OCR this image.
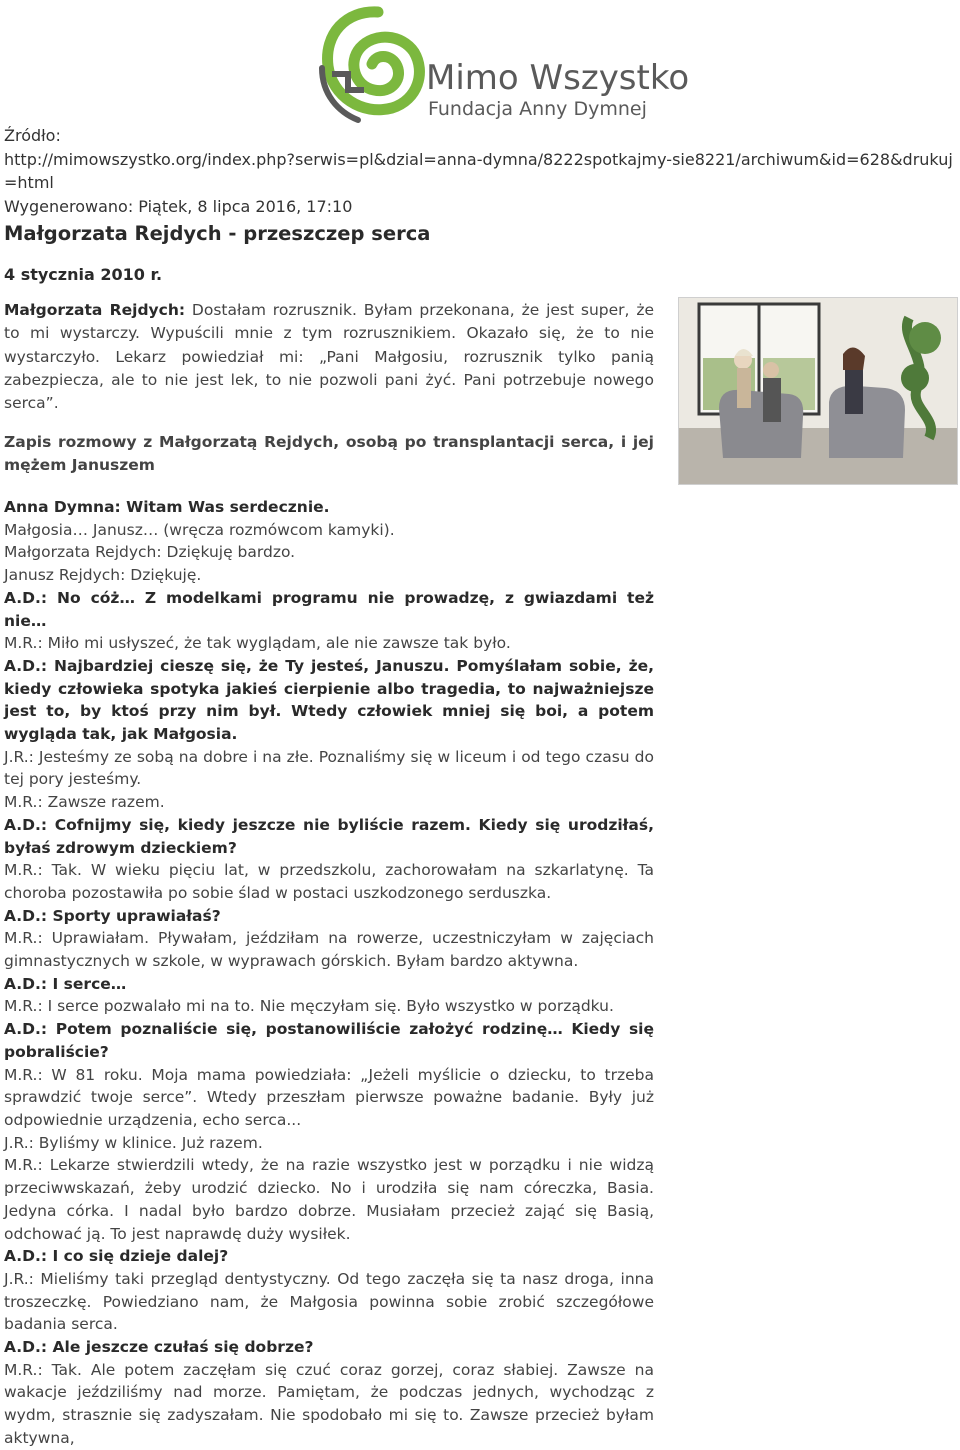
Mimo Wszystko
Fundacja Anny Dymnej
Źródło:
http://mimowszystko.org/index.php?serwis=pl&dzial=anna-dymna/8222spotkajmy-sie8221/archiwum&id=628&drukuj=html
Wygenerowano: Piątek, 8 lipca 2016, 17:10
Małgorzata Rejdych - przeszczep serca
4 stycznia 2010 r.
Małgorzata Rejdych: Dostałam rozrusznik. Byłam przekonana, że jest super, że to mi wystarczy. Wypuścili mnie z tym rozrusznikiem. Okazało się, że to nie wystarczyło. Lekarz powiedział mi: „Pani Małgosiu, rozrusznik tylko panią zabezpiecza, ale to nie jest lek, to nie pozwoli pani żyć. Pani potrzebuje nowego serca”.
Zapis rozmowy z Małgorzatą Rejdych, osobą po transplantacji serca, i jej mężem Januszem

Anna Dymna: Witam Was serdecznie.

Małgosia… Janusz… (wręcza rozmówcom kamyki).

Małgorzata Rejdych: Dziękuję bardzo.

Janusz Rejdych: Dziękuję.

A.D.: No cóż… Z modelkami programu nie prowadzę, z gwiazdami też nie…

M.R.: Miło mi usłyszeć, że tak wyglądam, ale nie zawsze tak było.

A.D.: Najbardziej cieszę się, że Ty jesteś, Januszu. Pomyślałam sobie, że, kiedy człowieka spotyka jakieś cierpienie albo tragedia, to najważniejsze jest to, by ktoś przy nim był. Wtedy człowiek mniej się boi, a potem wygląda tak, jak Małgosia.

J.R.: Jesteśmy ze sobą na dobre i na złe. Poznaliśmy się w liceum i od tego czasu do tej pory jesteśmy.

M.R.: Zawsze razem.

A.D.: Cofnijmy się, kiedy jeszcze nie byliście razem. Kiedy się urodziłaś, byłaś zdrowym dzieckiem?

M.R.: Tak. W wieku pięciu lat, w przedszkolu, zachorowałam na szkarlatynę. Ta choroba pozostawiła po sobie ślad w postaci uszkodzonego serduszka.

A.D.: Sporty uprawiałaś?

M.R.: Uprawiałam. Pływałam, jeździłam na rowerze, uczestniczyłam w zajęciach gimnastycznych w szkole, w wyprawach górskich. Byłam bardzo aktywna.

A.D.: I serce…

M.R.: I serce pozwalało mi na to. Nie męczyłam się. Było wszystko w porządku.

A.D.: Potem poznaliście się, postanowiliście założyć rodzinę… Kiedy się pobraliście?

M.R.: W 81 roku. Moja mama powiedziała: „Jeżeli myślicie o dziecku, to trzeba sprawdzić twoje serce”. Wtedy przeszłam pierwsze poważne badanie. Były już odpowiednie urządzenia, echo serca...

J.R.: Byliśmy w klinice. Już razem.

M.R.: Lekarze stwierdzili wtedy, że na razie wszystko jest w porządku i nie widzą przeciwwskazań, żeby urodzić dziecko. No i urodziła się nam córeczka, Basia. Jedyna córka. I nadal było bardzo dobrze. Musiałam przecież zająć się Basią, odchować ją. To jest naprawdę duży wysiłek.

A.D.: I co się dzieje dalej?

J.R.: Mieliśmy taki przegląd dentystyczny. Od tego zaczęła się ta nasz droga, inna troszeczkę. Powiedziano nam, że Małgosia powinna sobie zrobić szczegółowe badania serca.

A.D.: Ale jeszcze czułaś się dobrze?

M.R.: Tak. Ale potem zaczęłam się czuć coraz gorzej, coraz słabiej. Zawsze na wakacje jeździliśmy nad morze. Pamiętam, że podczas jednych, wychodząc z wydm, strasznie się zadyszałam. Nie spodobało mi się to. Zawsze przecież byłam aktywna,
